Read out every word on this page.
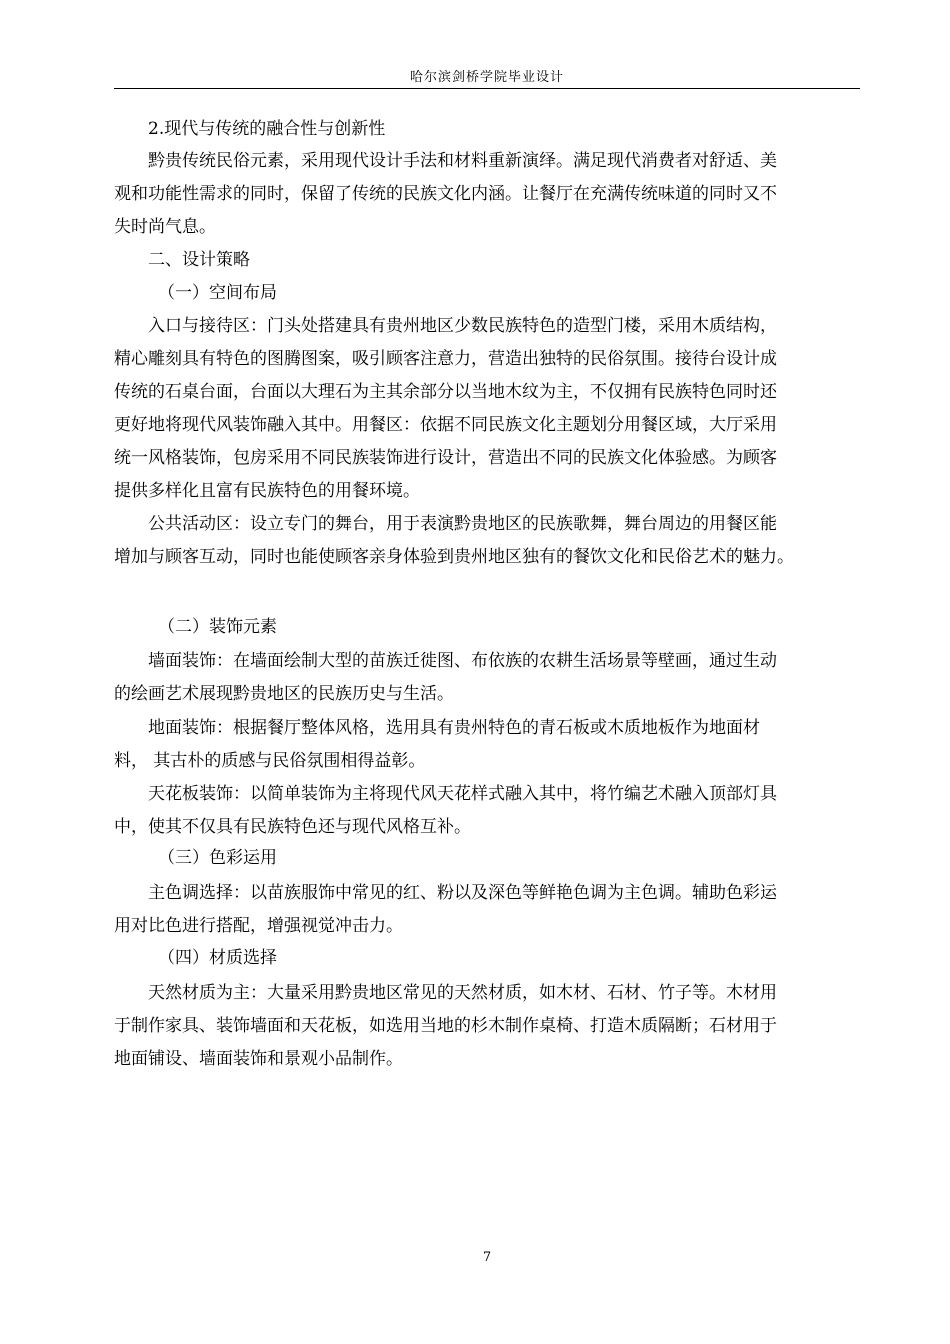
哈尔滨剑桥学院毕业设计
2.现代与传统的融合性与创新性
黔贵传统民俗元素，采用现代设计手法和材料重新演绎。满足现代消费者对舒适、美
观和功能性需求的同时，保留了传统的民族文化内涵。让餐厅在充满传统味道的同时又不
失时尚气息。
二、设计策略
（一）空间布局
入口与接待区：门头处搭建具有贵州地区少数民族特色的造型门楼，采用木质结构，
精心雕刻具有特色的图腾图案，吸引顾客注意力，营造出独特的民俗氛围。接待台设计成
传统的石桌台面，台面以大理石为主其余部分以当地木纹为主，不仅拥有民族特色同时还
更好地将现代风装饰融入其中。用餐区：依据不同民族文化主题划分用餐区域，大厅采用
统一风格装饰，包房采用不同民族装饰进行设计，营造出不同的民族文化体验感。为顾客
提供多样化且富有民族特色的用餐环境。
公共活动区：设立专门的舞台，用于表演黔贵地区的民族歌舞，舞台周边的用餐区能
增加与顾客互动，同时也能使顾客亲身体验到贵州地区独有的餐饮文化和民俗艺术的魅力。
（二）装饰元素
墙面装饰：在墙面绘制大型的苗族迁徙图、布依族的农耕生活场景等壁画，通过生动
的绘画艺术展现黔贵地区的民族历史与生活。
地面装饰：根据餐厅整体风格，选用具有贵州特色的青石板或木质地板作为地面材
料， 其古朴的质感与民俗氛围相得益彰。
天花板装饰：以简单装饰为主将现代风天花样式融入其中，将竹编艺术融入顶部灯具
中，使其不仅具有民族特色还与现代风格互补。
（三）色彩运用
主色调选择：以苗族服饰中常见的红、粉以及深色等鲜艳色调为主色调。辅助色彩运
用对比色进行搭配，增强视觉冲击力。
（四）材质选择
天然材质为主：大量采用黔贵地区常见的天然材质，如木材、石材、竹子等。木材用
于制作家具、装饰墙面和天花板，如选用当地的杉木制作桌椅、打造木质隔断；石材用于
地面铺设、墙面装饰和景观小品制作。
7
